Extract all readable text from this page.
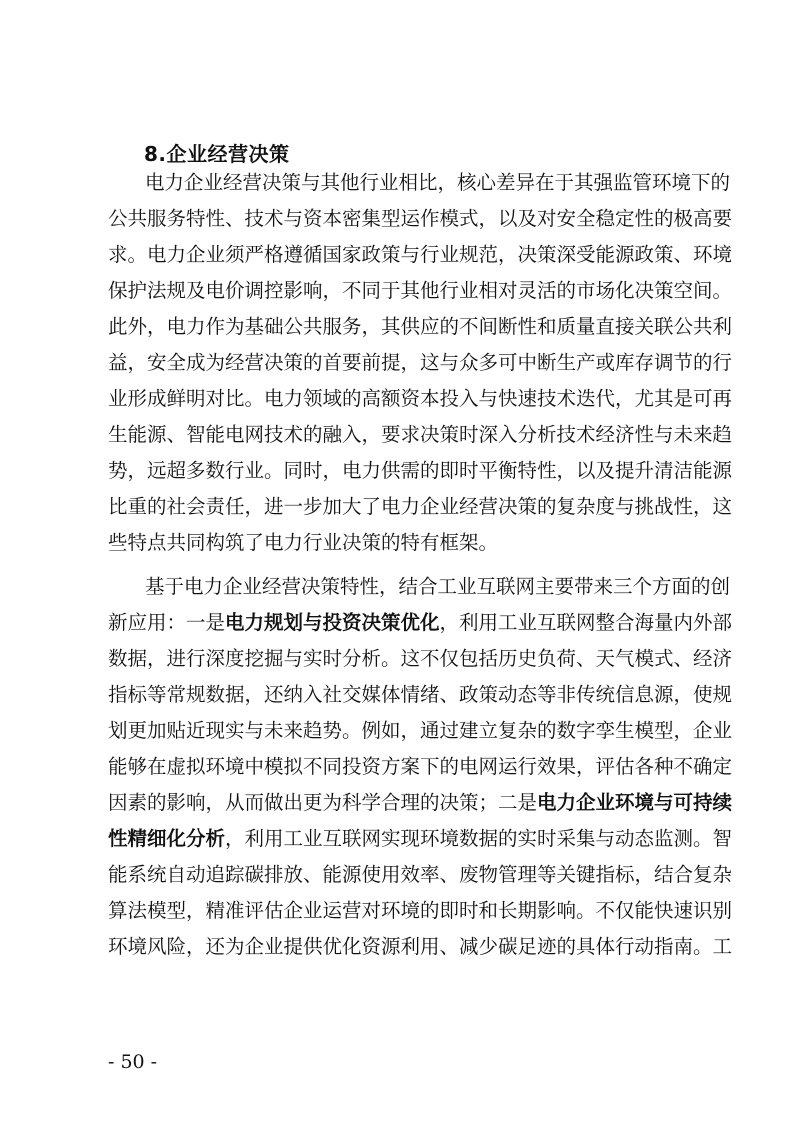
8.企业经营决策
电力企业经营决策与其他行业相比，核心差异在于其强监管环境下的
公共服务特性、技术与资本密集型运作模式，以及对安全稳定性的极高要
求。电力企业须严格遵循国家政策与行业规范，决策深受能源政策、环境
保护法规及电价调控影响，不同于其他行业相对灵活的市场化决策空间。
此外，电力作为基础公共服务，其供应的不间断性和质量直接关联公共利
益，安全成为经营决策的首要前提，这与众多可中断生产或库存调节的行
业形成鲜明对比。电力领域的高额资本投入与快速技术迭代，尤其是可再
生能源、智能电网技术的融入，要求决策时深入分析技术经济性与未来趋
势，远超多数行业。同时，电力供需的即时平衡特性，以及提升清洁能源
比重的社会责任，进一步加大了电力企业经营决策的复杂度与挑战性，这
些特点共同构筑了电力行业决策的特有框架。
基于电力企业经营决策特性，结合工业互联网主要带来三个方面的创
新应用：一是电力规划与投资决策优化，利用工业互联网整合海量内外部
数据，进行深度挖掘与实时分析。这不仅包括历史负荷、天气模式、经济
指标等常规数据，还纳入社交媒体情绪、政策动态等非传统信息源，使规
划更加贴近现实与未来趋势。例如，通过建立复杂的数字孪生模型，企业
能够在虚拟环境中模拟不同投资方案下的电网运行效果，评估各种不确定
因素的影响，从而做出更为科学合理的决策；二是电力企业环境与可持续
性精细化分析，利用工业互联网实现环境数据的实时采集与动态监测。智
能系统自动追踪碳排放、能源使用效率、废物管理等关键指标，结合复杂
算法模型，精准评估企业运营对环境的即时和长期影响。不仅能快速识别
环境风险，还为企业提供优化资源利用、减少碳足迹的具体行动指南。工
- 50 -
